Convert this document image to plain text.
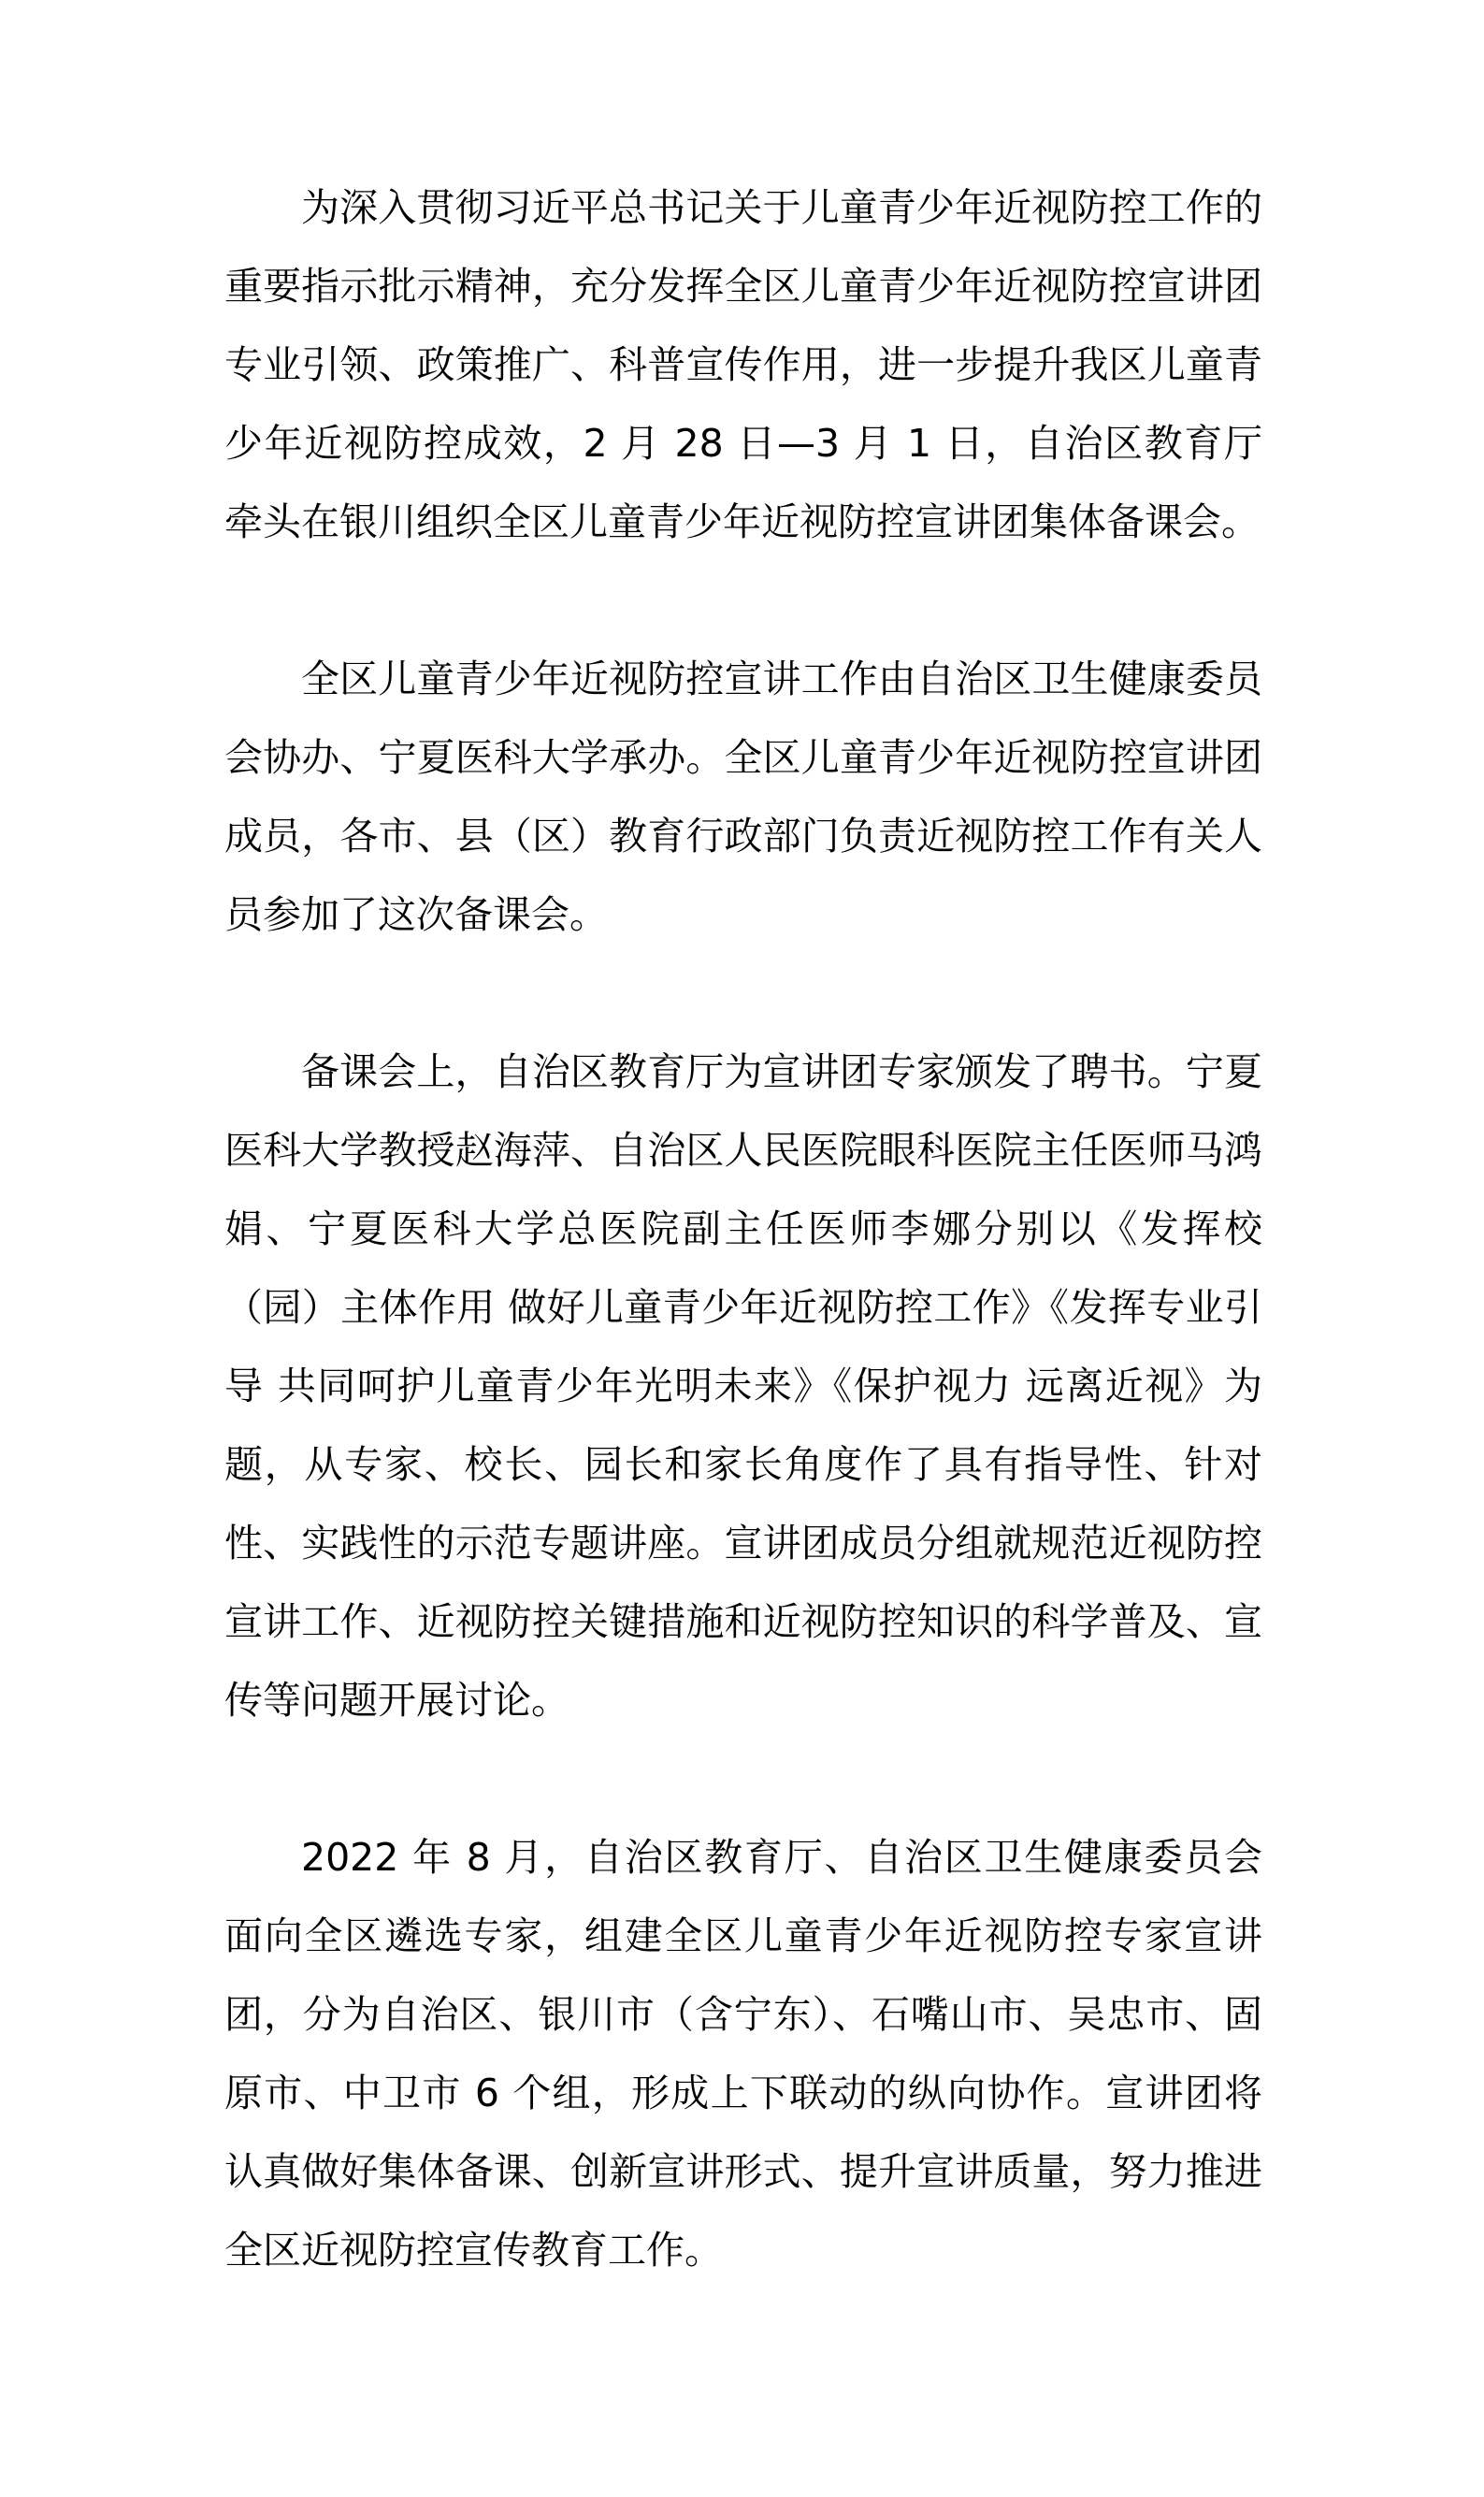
为深入贯彻习近平总书记关于儿童青少年近视防控工作的重要指示批示精神，充分发挥全区儿童青少年近视防控宣讲团专业引领、政策推广、科普宣传作用，进一步提升我区儿童青少年近视防控成效，2 月 28 日—3 月 1 日，自治区教育厅牵头在银川组织全区儿童青少年近视防控宣讲团集体备课会。

全区儿童青少年近视防控宣讲工作由自治区卫生健康委员会协办、宁夏医科大学承办。全区儿童青少年近视防控宣讲团成员，各市、县（区）教育行政部门负责近视防控工作有关人员参加了这次备课会。

备课会上，自治区教育厅为宣讲团专家颁发了聘书。宁夏医科大学教授赵海萍、自治区人民医院眼科医院主任医师马鸿娟、宁夏医科大学总医院副主任医师李娜分别以《发挥校（园）主体作用 做好儿童青少年近视防控工作》《发挥专业引导 共同呵护儿童青少年光明未来》《保护视力 远离近视》为题，从专家、校长、园长和家长角度作了具有指导性、针对性、实践性的示范专题讲座。宣讲团成员分组就规范近视防控宣讲工作、近视防控关键措施和近视防控知识的科学普及、宣传等问题开展讨论。

2022 年 8 月，自治区教育厅、自治区卫生健康委员会面向全区遴选专家，组建全区儿童青少年近视防控专家宣讲团，分为自治区、银川市（含宁东）、石嘴山市、吴忠市、固原市、中卫市 6 个组，形成上下联动的纵向协作。宣讲团将认真做好集体备课、创新宣讲形式、提升宣讲质量，努力推进全区近视防控宣传教育工作。
